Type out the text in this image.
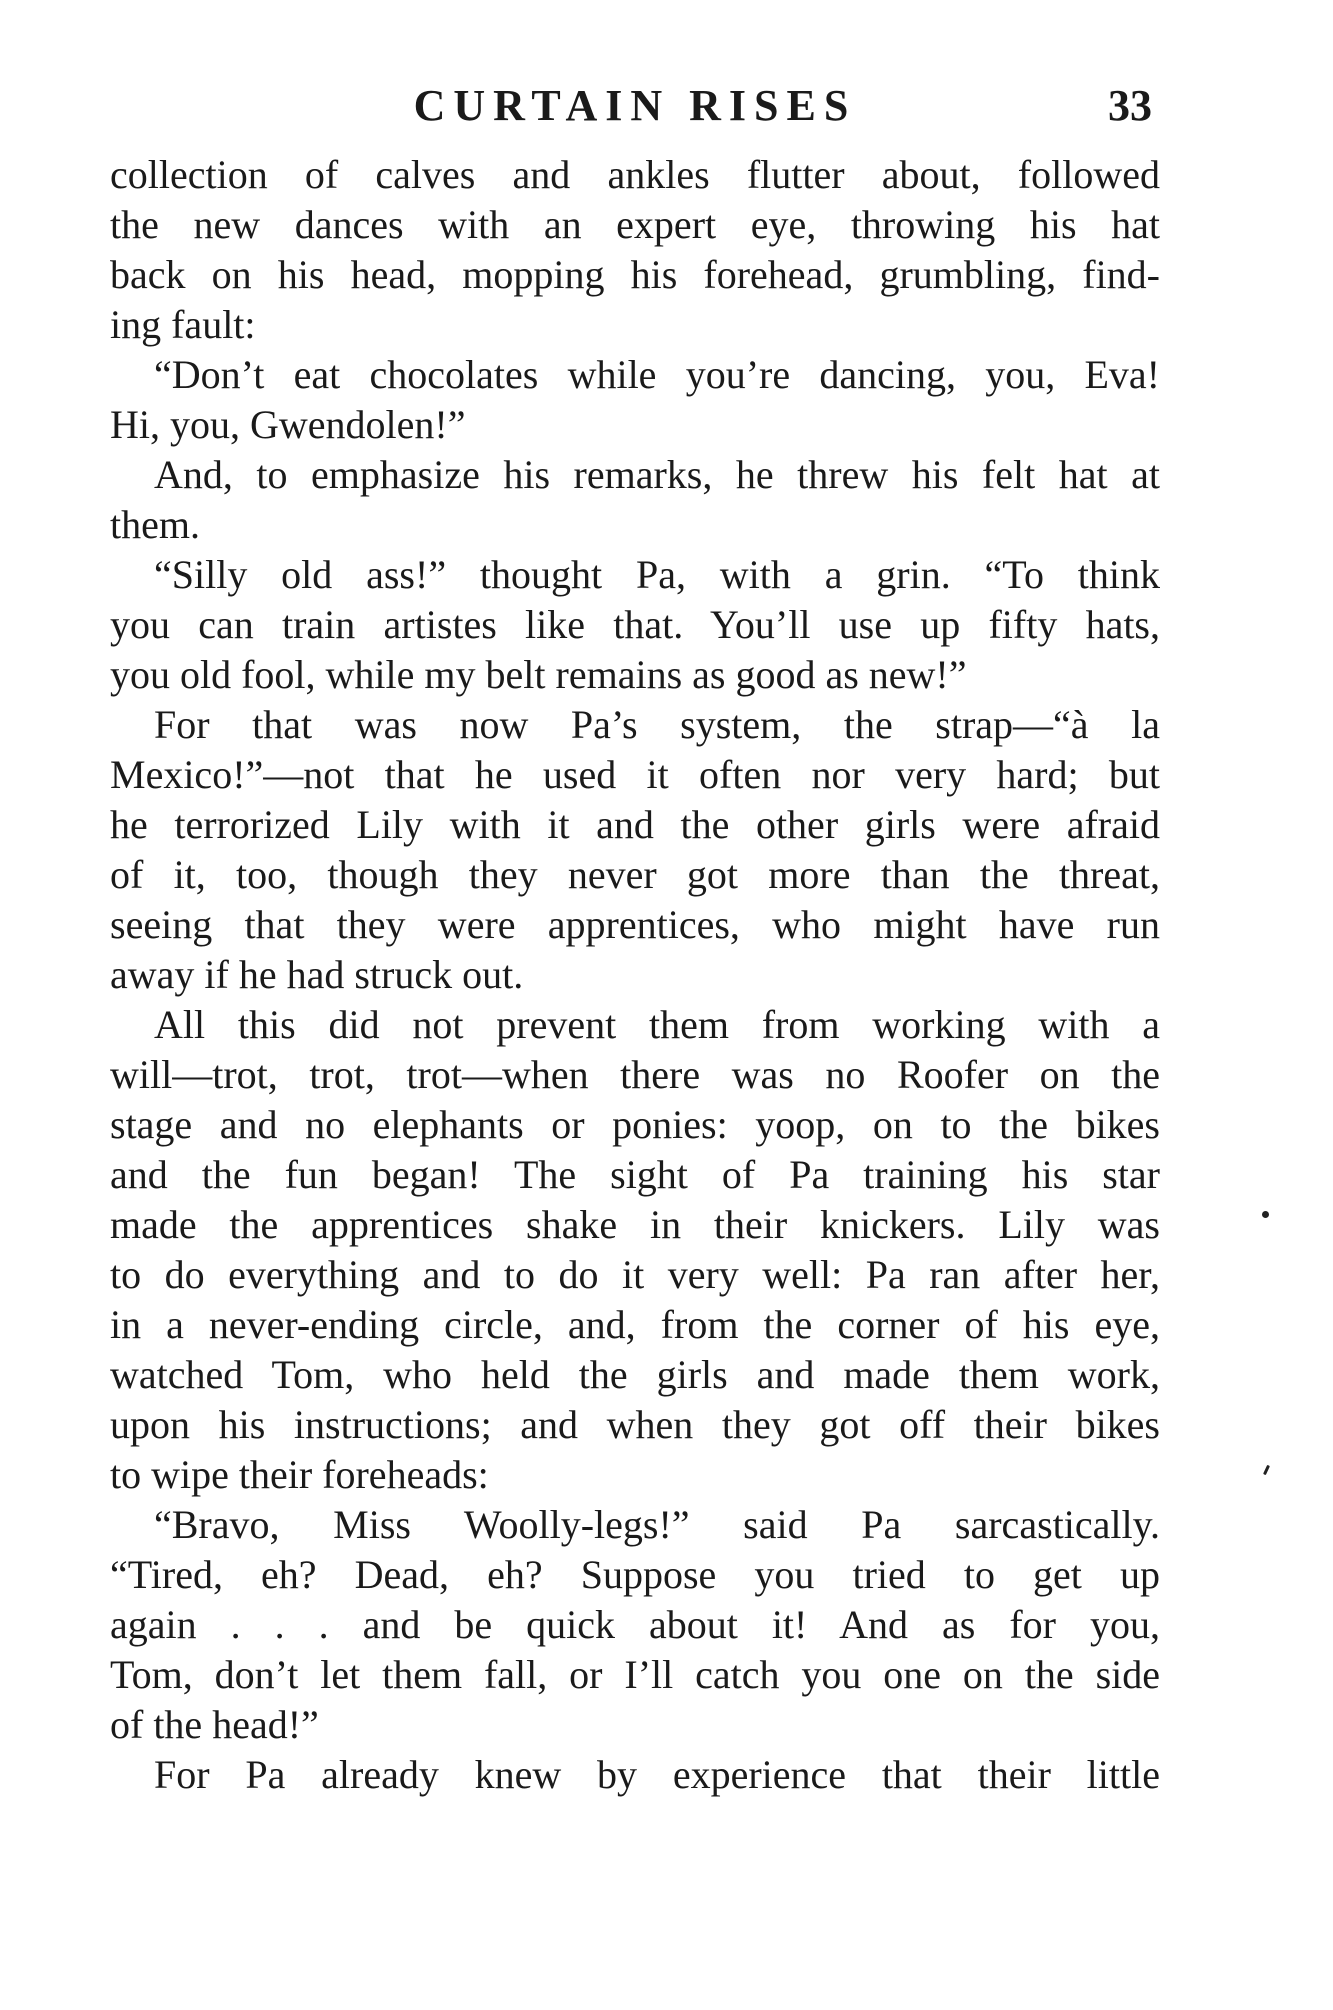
CURTAIN RISES	33
collection of calves and ankles flutter about, followed
the new dances with an expert eye, throwing his hat
back on his head, mopping his forehead, grumbling, find-
ing fault:
“Don’t eat chocolates while you’re dancing, you, Eva!
Hi, you, Gwendolen!”
And, to emphasize his remarks, he threw his felt hat at
them.
“Silly old ass!” thought Pa, with a grin. “To think
you can train artistes like that. You’ll use up fifty hats,
you old fool, while my belt remains as good as new!”
For that was now Pa’s system, the strap—“à la
Mexico!”—not that he used it often nor very hard; but
he terrorized Lily with it and the other girls were afraid
of it, too, though they never got more than the threat,
seeing that they were apprentices, who might have run
away if he had struck out.
All this did not prevent them from working with a
will—trot, trot, trot—when there was no Roofer on the
stage and no elephants or ponies: yoop, on to the bikes
and the fun began! The sight of Pa training his star
made the apprentices shake in their knickers. Lily was
to do everything and to do it very well: Pa ran after her,
in a never-ending circle, and, from the corner of his eye,
watched Tom, who held the girls and made them work,
upon his instructions; and when they got off their bikes
to wipe their foreheads:
“Bravo, Miss Woolly-legs!” said Pa sarcastically.
“Tired, eh? Dead, eh? Suppose you tried to get up
again . . . and be quick about it! And as for you,
Tom, don’t let them fall, or I’ll catch you one on the side
of the head!”
For Pa already knew by experience that their little
